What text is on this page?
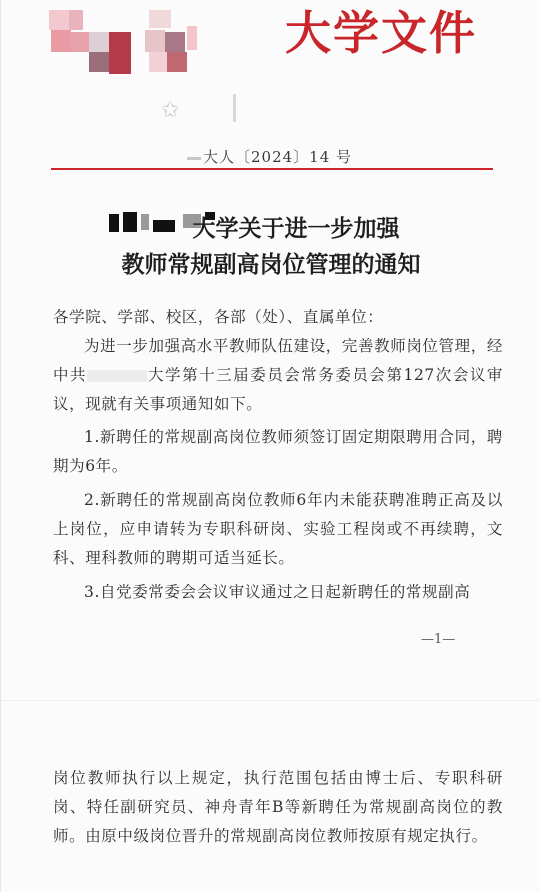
大学文件
✩
大人〔2024〕14 号
大学关于进一步加强
教师常规副高岗位管理的通知
各学院、学部、校区，各部（处）、直属单位：
为进一步加强高水平教师队伍建设，完善教师岗位管理，经中共	大学第十三届委员会常务委员会第127次会议审议，现就有关事项通知如下。
1.新聘任的常规副高岗位教师须签订固定期限聘用合同，聘期为6年。
2.新聘任的常规副高岗位教师6年内未能获聘准聘正高及以上岗位，应申请转为专职科研岗、实验工程岗或不再续聘，文科、理科教师的聘期可适当延长。
3.自党委常委会会议审议通过之日起新聘任的常规副高
—1—
岗位教师执行以上规定，执行范围包括由博士后、专职科研岗、特任副研究员、神舟青年B等新聘任为常规副高岗位的教师。由原中级岗位晋升的常规副高岗位教师按原有规定执行。
